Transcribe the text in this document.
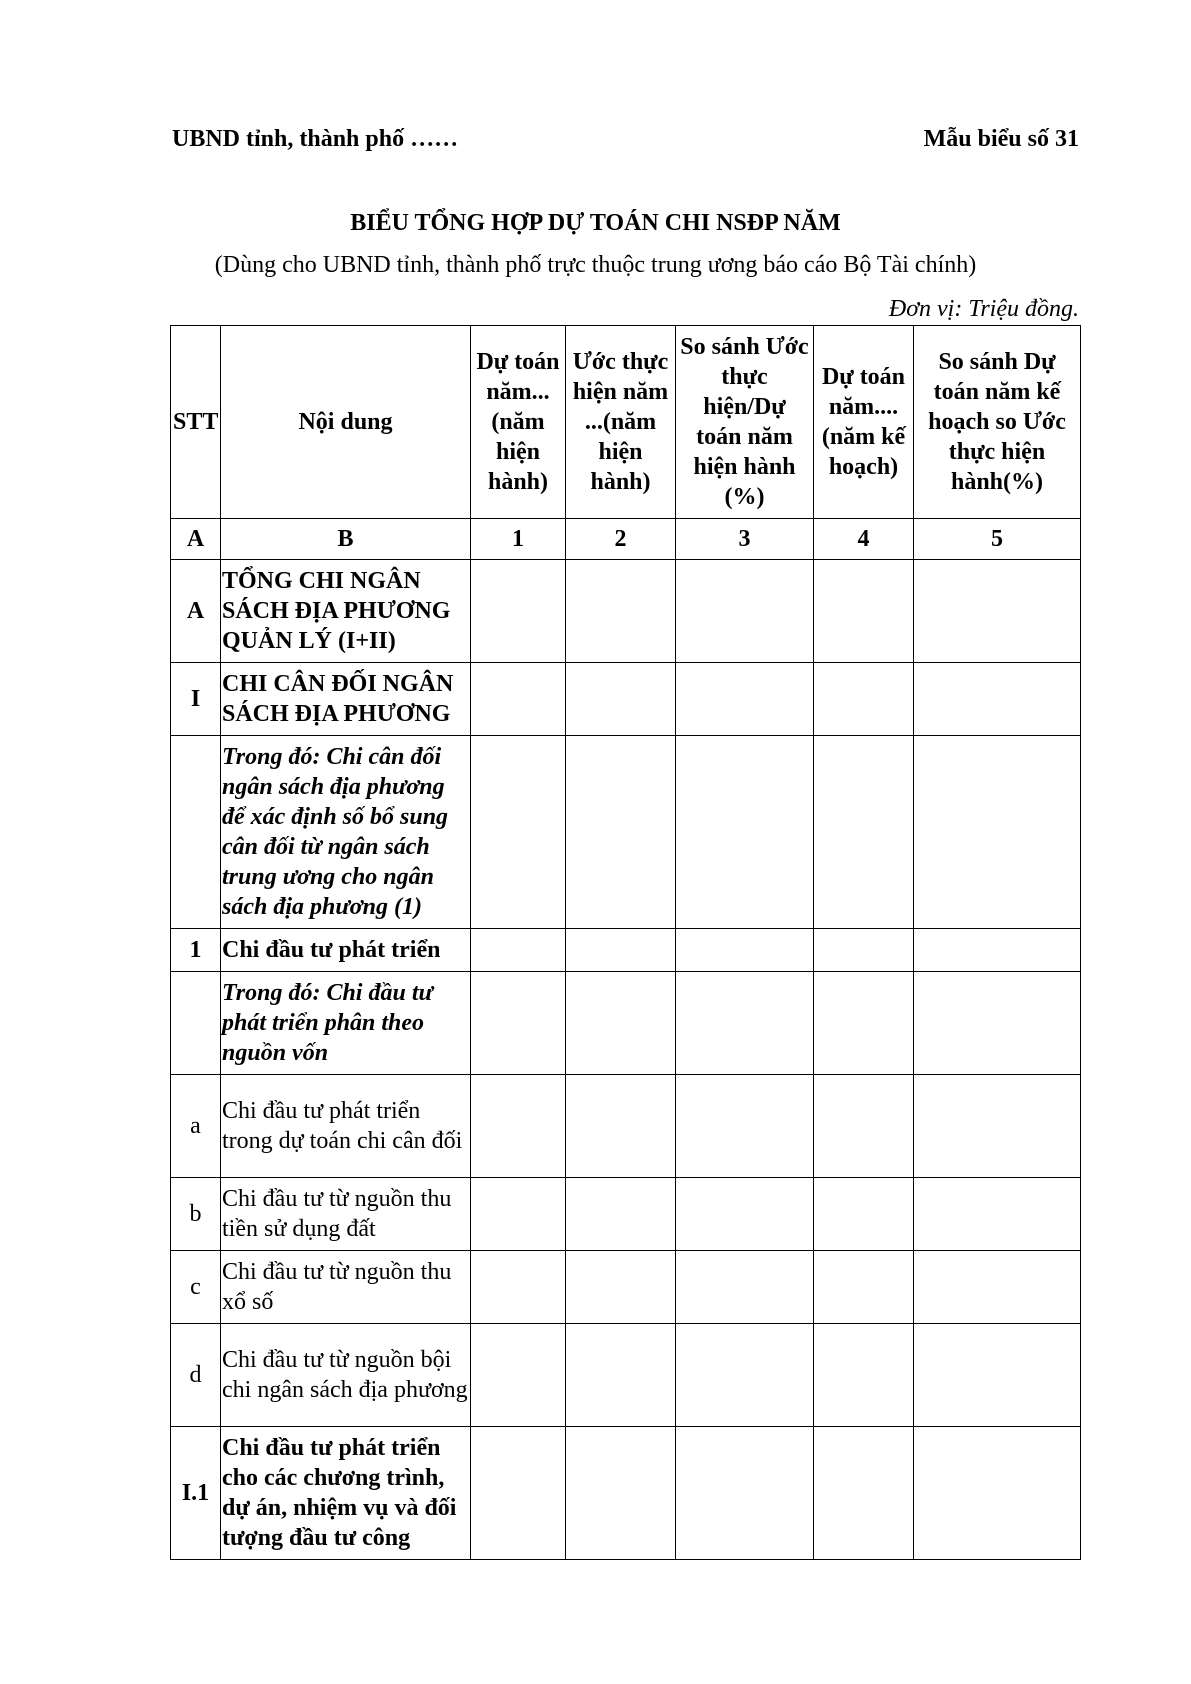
UBND tỉnh, thành phố ……	Mẫu biểu số 31
BIỂU TỔNG HỢP DỰ TOÁN CHI NSĐP NĂM
(Dùng cho UBND tỉnh, thành phố trực thuộc trung ương báo cáo Bộ Tài chính)
Đơn vị: Triệu đồng.
STT	Nội dung	Dự toán năm... (năm hiện hành)	Ước thực hiện năm ...(năm hiện hành)	So sánh Ước thực hiện/Dự toán năm hiện hành (%)	Dự toán năm.... (năm kế hoạch)	So sánh Dự toán năm kế hoạch so Ước thực hiện hành(%)
A	B	1	2	3	4	5
A	TỔNG CHI NGÂN SÁCH ĐỊA PHƯƠNG QUẢN LÝ (I+II)					
I	CHI CÂN ĐỐI NGÂN SÁCH ĐỊA PHƯƠNG					
	Trong đó: Chi cân đối ngân sách địa phương để xác định số bổ sung cân đối từ ngân sách trung ương cho ngân sách địa phương (1)					
1	Chi đầu tư phát triển					
	Trong đó: Chi đầu tư phát triển phân theo nguồn vốn					
a	Chi đầu tư phát triển trong dự toán chi cân đối					
b	Chi đầu tư từ nguồn thu tiền sử dụng đất					
c	Chi đầu tư từ nguồn thu xổ số					
d	Chi đầu tư từ nguồn bội chi ngân sách địa phương					
I.1	Chi đầu tư phát triển cho các chương trình, dự án, nhiệm vụ và đối tượng đầu tư công					
